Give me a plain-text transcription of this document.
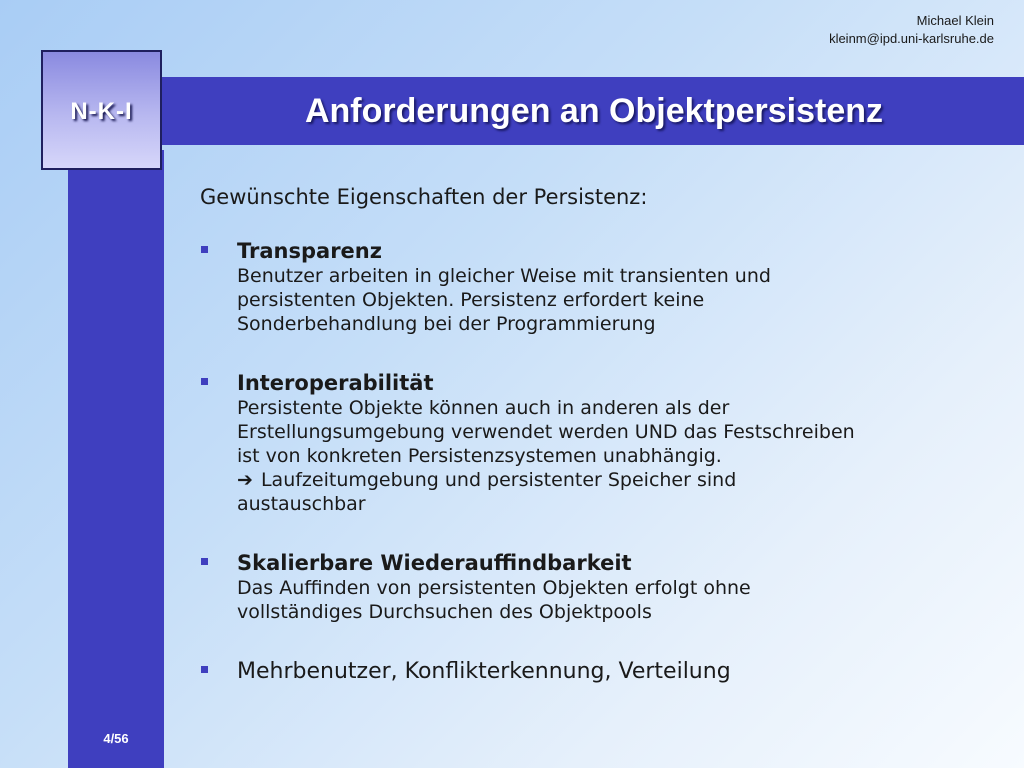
N-K-I	Anforderungen an Objektpersistenz
Michael Klein
kleinm@ipd.uni-karlsruhe.de
Gewünschte Eigenschaften der Persistenz:
Transparenz
Benutzer arbeiten in gleicher Weise mit transienten und
persistenten Objekten. Persistenz erfordert keine
Sonderbehandlung bei der Programmierung
Interoperabilität
Persistente Objekte können auch in anderen als der
Erstellungsumgebung verwendet werden UND das Festschreiben
ist von konkreten Persistenzsystemen unabhängig.
➔ Laufzeitumgebung und persistenter Speicher sind
austauschbar
Skalierbare Wiederauffindbarkeit
Das Auffinden von persistenten Objekten erfolgt ohne
vollständiges Durchsuchen des Objektpools
Mehrbenutzer, Konflikterkennung, Verteilung
4/56
